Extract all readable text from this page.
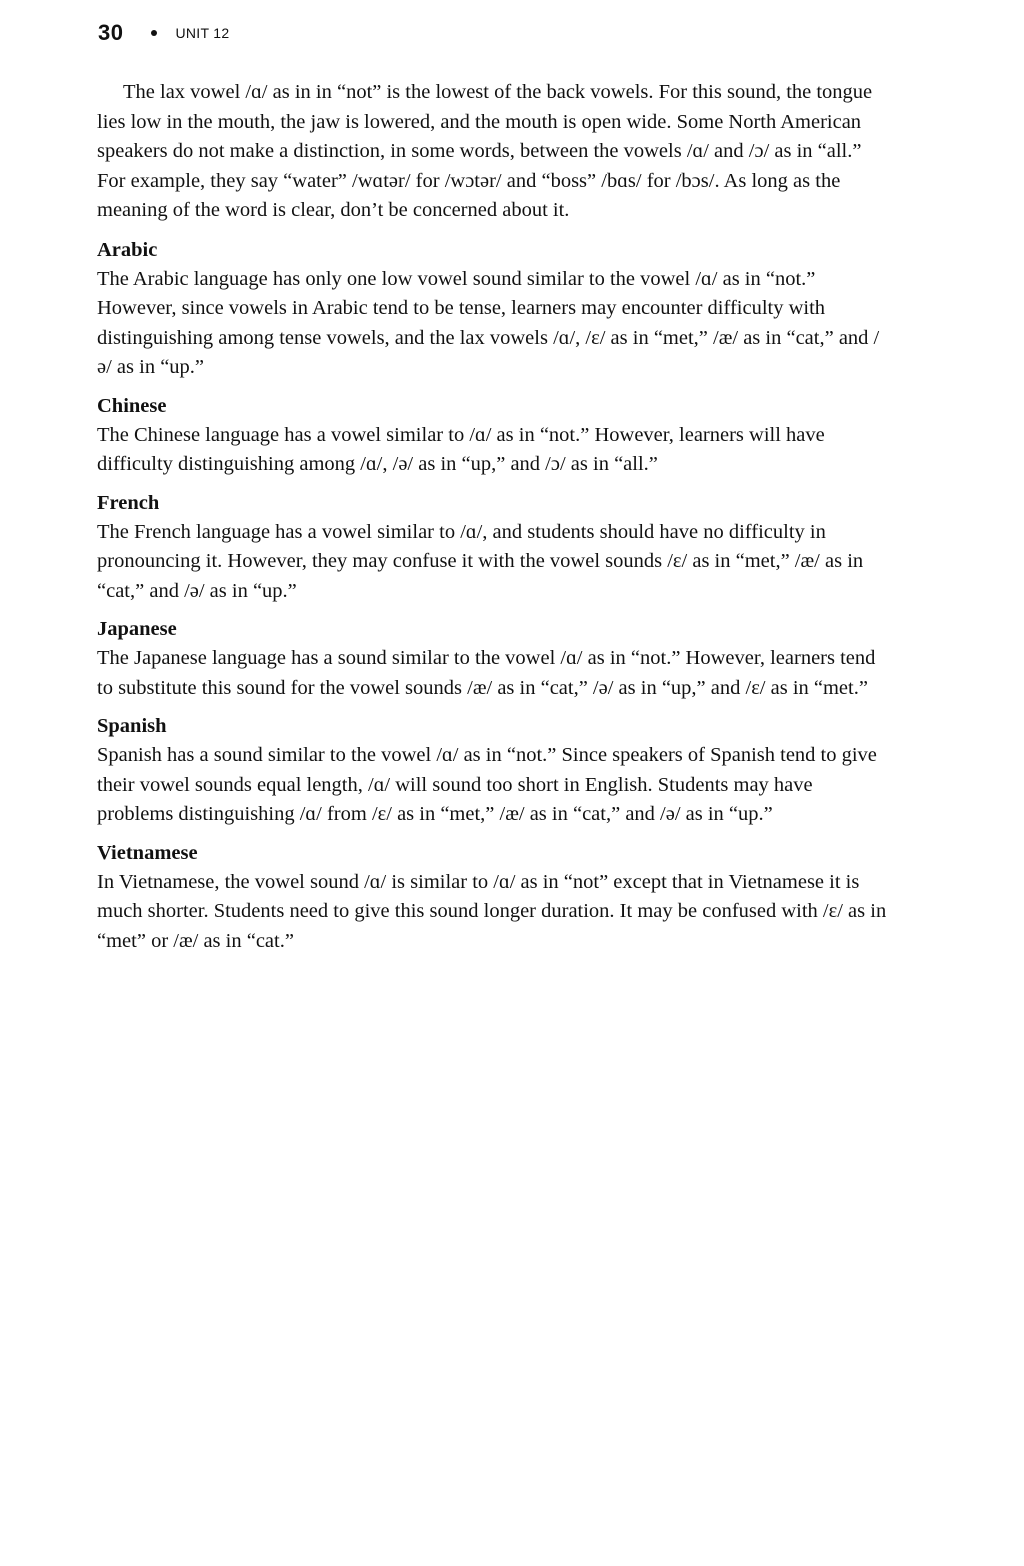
30	UNIT 12

The lax vowel /ɑ/ as in in “not” is the lowest of the back vowels. For this sound, the tongue lies low in the mouth, the jaw is lowered, and the mouth is open wide. Some North American speakers do not make a distinction, in some words, between the vowels /ɑ/ and /ɔ/ as in “all.” For example, they say “water” /wɑtər/ for /wɔtər/ and “boss” /bɑs/ for /bɔs/. As long as the meaning of the word is clear, don’t be concerned about it.

Arabic

The Arabic language has only one low vowel sound similar to the vowel /ɑ/ as in “not.” However, since vowels in Arabic tend to be tense, learners may encounter difficulty with distinguishing among tense vowels, and the lax vowels /ɑ/, /ɛ/ as in “met,” /æ/ as in “cat,” and /ə/ as in “up.”

Chinese

The Chinese language has a vowel similar to /ɑ/ as in “not.” However, learners will have difficulty distinguishing among /ɑ/, /ə/ as in “up,” and /ɔ/ as in “all.”

French

The French language has a vowel similar to /ɑ/, and students should have no difficulty in pronouncing it. However, they may confuse it with the vowel sounds /ɛ/ as in “met,” /æ/ as in “cat,” and /ə/ as in “up.”

Japanese

The Japanese language has a sound similar to the vowel /ɑ/ as in “not.” However, learners tend to substitute this sound for the vowel sounds /æ/ as in “cat,” /ə/ as in “up,” and /ɛ/ as in “met.”

Spanish

Spanish has a sound similar to the vowel /ɑ/ as in “not.” Since speakers of Spanish tend to give their vowel sounds equal length, /ɑ/ will sound too short in English. Students may have problems distinguishing /ɑ/ from /ɛ/ as in “met,” /æ/ as in “cat,” and /ə/ as in “up.”

Vietnamese

In Vietnamese, the vowel sound /ɑ/ is similar to /ɑ/ as in “not” except that in Vietnamese it is much shorter. Students need to give this sound longer duration. It may be confused with /ɛ/ as in “met” or /æ/ as in “cat.”
